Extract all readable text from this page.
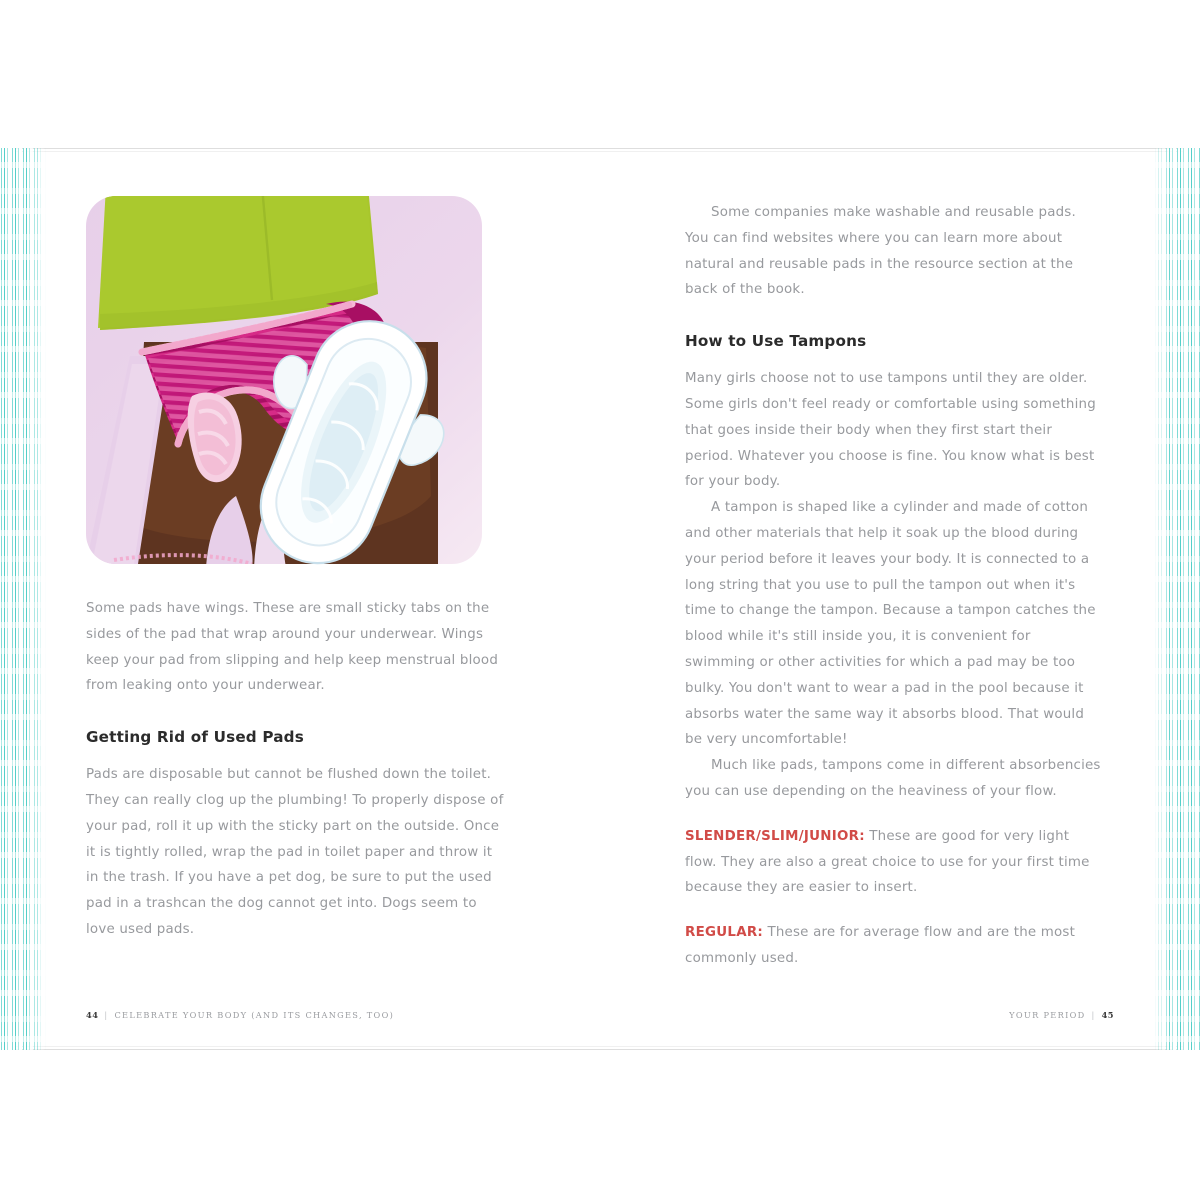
Some pads have wings. These are small sticky tabs on the sides of the pad that wrap around your underwear. Wings keep your pad from slipping and help keep menstrual blood from leaking onto your underwear.

Getting Rid of Used Pads

Pads are disposable but cannot be flushed down the toilet. They can really clog up the plumbing! To properly dispose of your pad, roll it up with the sticky part on the outside. Once it is tightly rolled, wrap the pad in toilet paper and throw it in the trash. If you have a pet dog, be sure to put the used pad in a trashcan the dog cannot get into. Dogs seem to love used pads.

44 | CELEBRATE YOUR BODY (AND ITS CHANGES, TOO)

Some companies make washable and reusable pads. You can find websites where you can learn more about natural and reusable pads in the resource section at the back of the book.

How to Use Tampons

Many girls choose not to use tampons until they are older. Some girls don't feel ready or comfortable using something that goes inside their body when they first start their period. Whatever you choose is fine. You know what is best for your body.

A tampon is shaped like a cylinder and made of cotton and other materials that help it soak up the blood during your period before it leaves your body. It is connected to a long string that you use to pull the tampon out when it's time to change the tampon. Because a tampon catches the blood while it's still inside you, it is convenient for swimming or other activities for which a pad may be too bulky. You don't want to wear a pad in the pool because it absorbs water the same way it absorbs blood. That would be very uncomfortable!

Much like pads, tampons come in different absorbencies you can use depending on the heaviness of your flow.

SLENDER/SLIM/JUNIOR: These are good for very light flow. They are also a great choice to use for your first time because they are easier to insert.

REGULAR: These are for average flow and are the most commonly used.

YOUR PERIOD | 45
